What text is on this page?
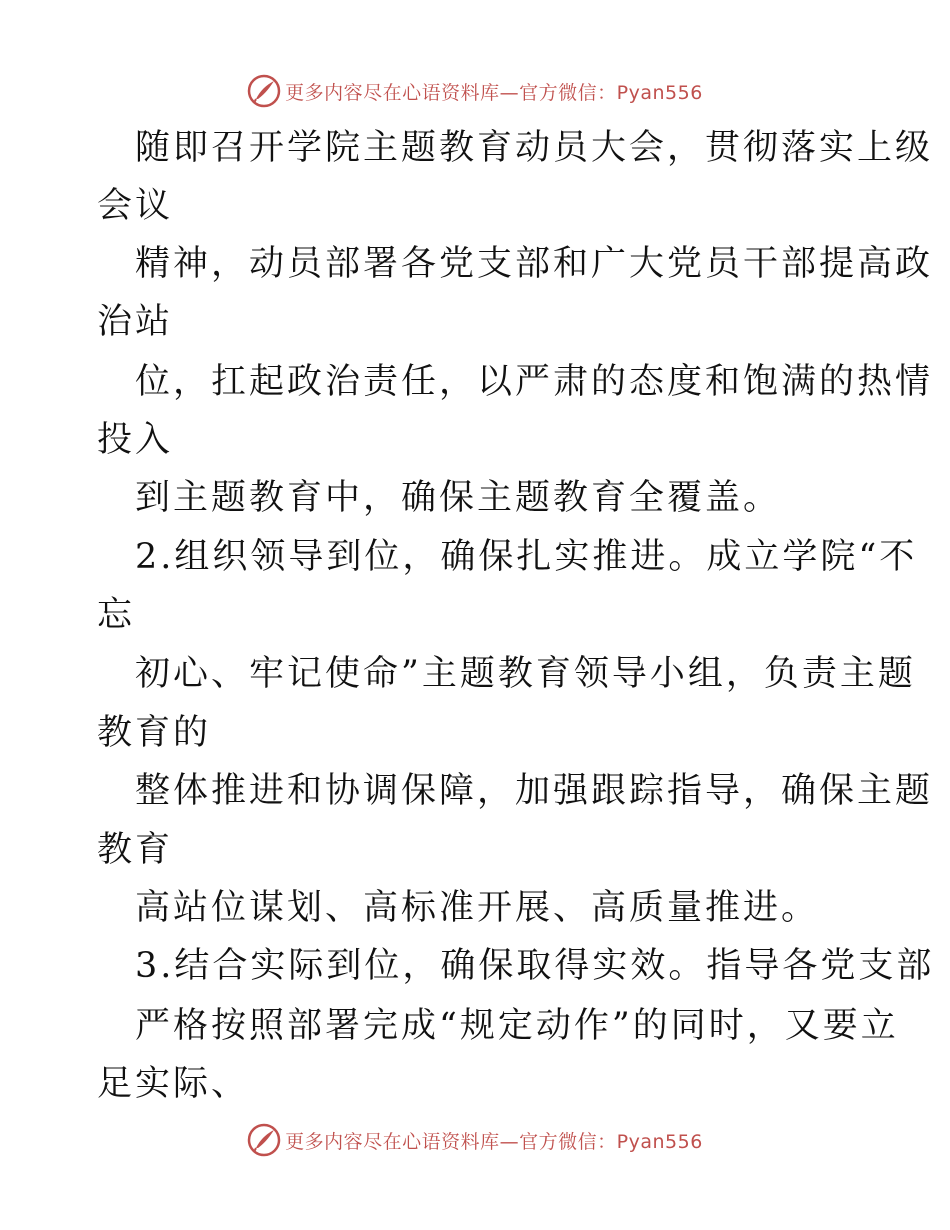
更多内容尽在心语资料库—官方微信：Pyan556
随即召开学院主题教育动员大会，贯彻落实上级
会议
精神，动员部署各党支部和广大党员干部提高政
治站
位，扛起政治责任，以严肃的态度和饱满的热情
投入
到主题教育中，确保主题教育全覆盖。
2.组织领导到位，确保扎实推进。成立学院“不
忘
初心、牢记使命”主题教育领导小组，负责主题
教育的
整体推进和协调保障，加强跟踪指导，确保主题
教育
高站位谋划、高标准开展、高质量推进。
3.结合实际到位，确保取得实效。指导各党支部
严格按照部署完成“规定动作”的同时，又要立
足实际、
更多内容尽在心语资料库—官方微信：Pyan556
